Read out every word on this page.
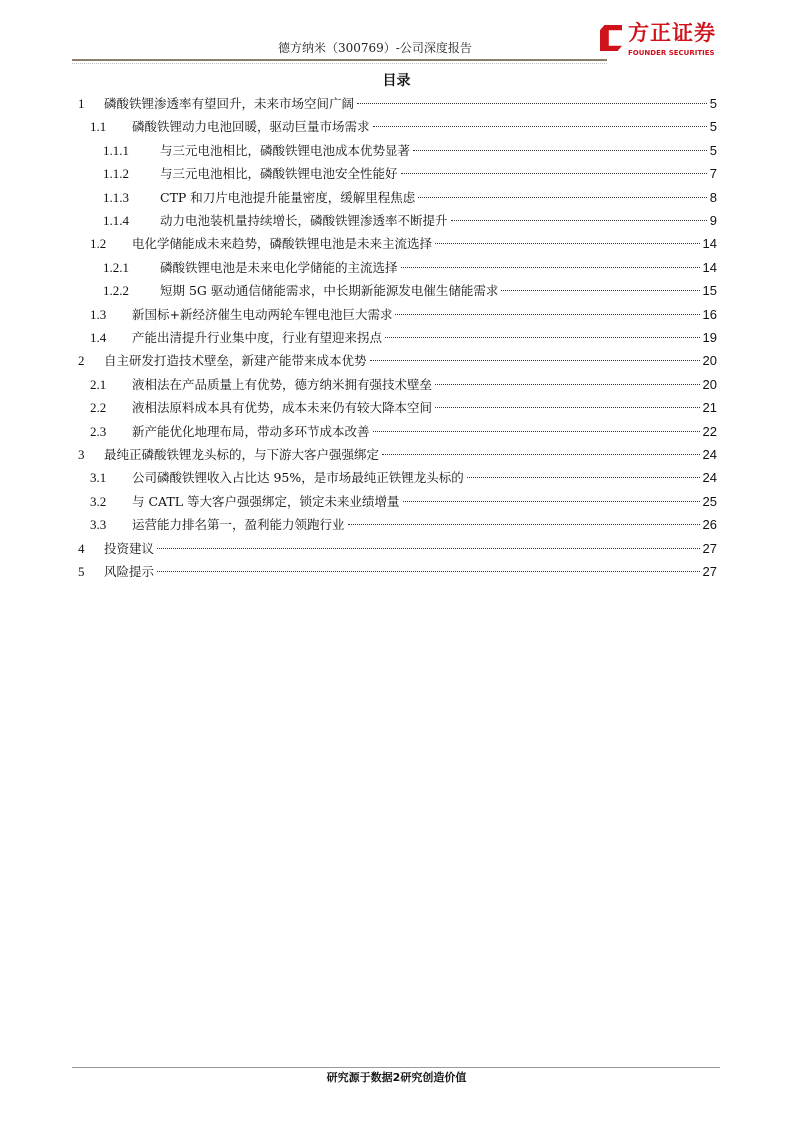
德方纳米（300769）-公司深度报告
方正证券
FOUNDER SECURITIES
目录
1 磷酸铁锂渗透率有望回升，未来市场空间广阔	5
1.1 磷酸铁锂动力电池回暖，驱动巨量市场需求	5
1.1.1 与三元电池相比，磷酸铁锂电池成本优势显著	5
1.1.2 与三元电池相比，磷酸铁锂电池安全性能好	7
1.1.3 CTP 和刀片电池提升能量密度，缓解里程焦虑	8
1.1.4 动力电池装机量持续增长，磷酸铁锂渗透率不断提升	9
1.2 电化学储能成未来趋势，磷酸铁锂电池是未来主流选择	14
1.2.1 磷酸铁锂电池是未来电化学储能的主流选择	14
1.2.2 短期 5G 驱动通信储能需求，中长期新能源发电催生储能需求	15
1.3 新国标+新经济催生电动两轮车锂电池巨大需求	16
1.4 产能出清提升行业集中度，行业有望迎来拐点	19
2 自主研发打造技术壁垒，新建产能带来成本优势	20
2.1 液相法在产品质量上有优势，德方纳米拥有强技术壁垒	20
2.2 液相法原料成本具有优势，成本未来仍有较大降本空间	21
2.3 新产能优化地理布局，带动多环节成本改善	22
3 最纯正磷酸铁锂龙头标的，与下游大客户强强绑定	24
3.1 公司磷酸铁锂收入占比达 95%，是市场最纯正铁锂龙头标的	24
3.2 与 CATL 等大客户强强绑定，锁定未来业绩增量	25
3.3 运营能力排名第一，盈利能力领跑行业	26
4 投资建议	27
5 风险提示	27
研究源于数据2研究创造价值
